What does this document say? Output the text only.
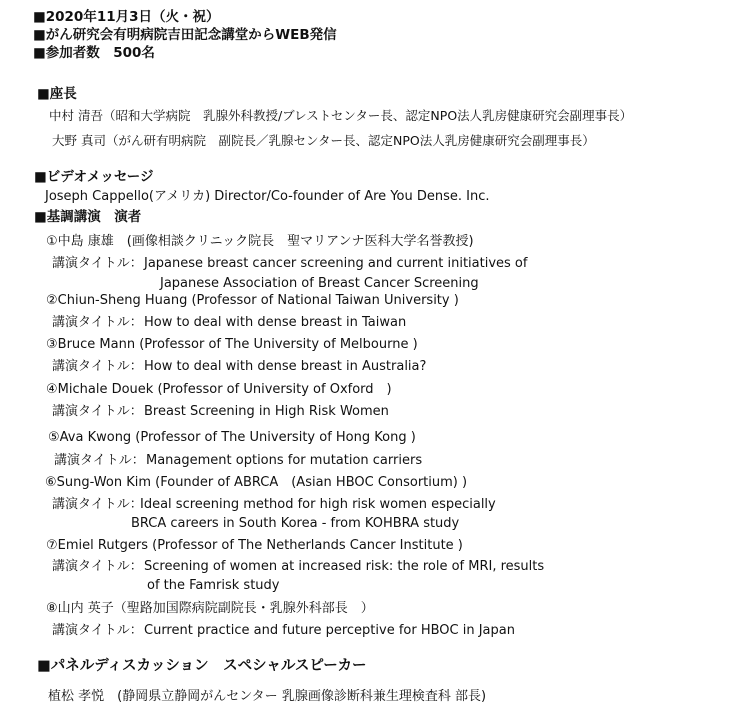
■2020年11月3日（火・祝）
■がん研究会有明病院吉田記念講堂からWEB発信
■参加者数　500名
■座長
中村 清吾（昭和大学病院　乳腺外科教授/ブレストセンター長、認定NPO法人乳房健康研究会副理事長）
大野 真司（がん研有明病院　副院長／乳腺センター長、認定NPO法人乳房健康研究会副理事長）
■ビデオメッセージ
Joseph Cappello(アメリカ) Director/Co-founder of Are You Dense. Inc.
■基調講演　演者
①中島 康雄　(画像相談クリニック院長　聖マリアンナ医科大学名誉教授)
講演タイトル： Japanese breast cancer screening and current initiatives of
Japanese Association of Breast Cancer Screening
②Chiun-Sheng Huang (Professor of National Taiwan University )
講演タイトル： How to deal with dense breast in Taiwan
③Bruce Mann (Professor of The University of Melbourne )
講演タイトル： How to deal with dense breast in Australia?
④Michale Douek (Professor of University of Oxford　)
講演タイトル： Breast Screening in High Risk Women
⑤Ava Kwong (Professor of The University of Hong Kong )
講演タイトル： Management options for mutation carriers
⑥Sung-Won Kim (Founder of ABRCA　(Asian HBOC Consortium) )
講演タイトル：
Ideal screening method for high risk women especially
BRCA careers in South Korea - from KOHBRA study
⑦Emiel Rutgers (Professor of The Netherlands Cancer Institute )
講演タイトル： Screening of women at increased risk: the role of MRI, results
of the Famrisk study
⑧山内 英子（聖路加国際病院副院長・乳腺外科部長　）
講演タイトル： Current practice and future perceptive for HBOC in Japan
■パネルディスカッション　スペシャルスピーカー
植松 孝悦　(静岡県立静岡がんセンター 乳腺画像診断科兼生理検査科 部長)
